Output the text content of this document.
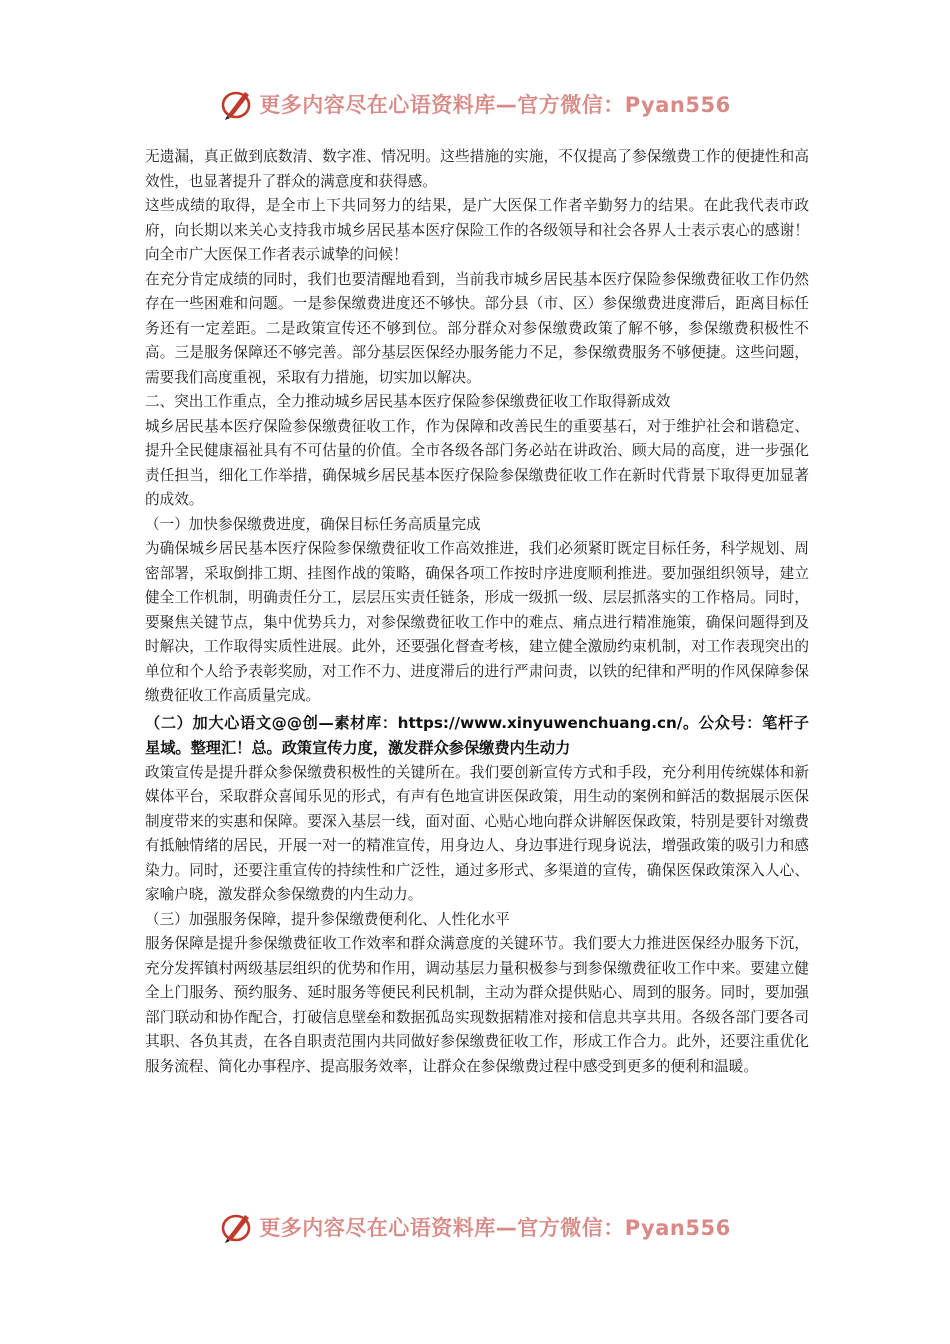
更多内容尽在心语资料库—官方微信：Pyan556

无遗漏，真正做到底数清、数字准、情况明。这些措施的实施，不仅提高了参保缴费工作的便捷性和高效性，也显著提升了群众的满意度和获得感。

这些成绩的取得，是全市上下共同努力的结果，是广大医保工作者辛勤努力的结果。在此我代表市政府，向长期以来关心支持我市城乡居民基本医疗保险工作的各级领导和社会各界人士表示衷心的感谢！向全市广大医保工作者表示诚挚的问候！

在充分肯定成绩的同时，我们也要清醒地看到，当前我市城乡居民基本医疗保险参保缴费征收工作仍然存在一些困难和问题。一是参保缴费进度还不够快。部分县（市、区）参保缴费进度滞后，距离目标任务还有一定差距。二是政策宣传还不够到位。部分群众对参保缴费政策了解不够，参保缴费积极性不高。三是服务保障还不够完善。部分基层医保经办服务能力不足，参保缴费服务不够便捷。这些问题，需要我们高度重视，采取有力措施，切实加以解决。

二、突出工作重点，全力推动城乡居民基本医疗保险参保缴费征收工作取得新成效

城乡居民基本医疗保险参保缴费征收工作，作为保障和改善民生的重要基石，对于维护社会和谐稳定、提升全民健康福祉具有不可估量的价值。全市各级各部门务必站在讲政治、顾大局的高度，进一步强化责任担当，细化工作举措，确保城乡居民基本医疗保险参保缴费征收工作在新时代背景下取得更加显著的成效。

（一）加快参保缴费进度，确保目标任务高质量完成

为确保城乡居民基本医疗保险参保缴费征收工作高效推进，我们必须紧盯既定目标任务，科学规划、周密部署，采取倒排工期、挂图作战的策略，确保各项工作按时序进度顺利推进。要加强组织领导，建立健全工作机制，明确责任分工，层层压实责任链条，形成一级抓一级、层层抓落实的工作格局。同时，要聚焦关键节点，集中优势兵力，对参保缴费征收工作中的难点、痛点进行精准施策，确保问题得到及时解决，工作取得实质性进展。此外，还要强化督查考核，建立健全激励约束机制，对工作表现突出的单位和个人给予表彰奖励，对工作不力、进度滞后的进行严肃问责，以铁的纪律和严明的作风保障参保缴费征收工作高质量完成。

（二）加大心语文@@创—素材库：https://www.xinyuwenchuang.cn/。公众号：笔杆子星域。整理汇！总。政策宣传力度，激发群众参保缴费内生动力

政策宣传是提升群众参保缴费积极性的关键所在。我们要创新宣传方式和手段，充分利用传统媒体和新媒体平台，采取群众喜闻乐见的形式，有声有色地宣讲医保政策，用生动的案例和鲜活的数据展示医保制度带来的实惠和保障。要深入基层一线，面对面、心贴心地向群众讲解医保政策，特别是要针对缴费有抵触情绪的居民，开展一对一的精准宣传，用身边人、身边事进行现身说法，增强政策的吸引力和感染力。同时，还要注重宣传的持续性和广泛性，通过多形式、多渠道的宣传，确保医保政策深入人心、家喻户晓，激发群众参保缴费的内生动力。

（三）加强服务保障，提升参保缴费便利化、人性化水平

服务保障是提升参保缴费征收工作效率和群众满意度的关键环节。我们要大力推进医保经办服务下沉，充分发挥镇村两级基层组织的优势和作用，调动基层力量积极参与到参保缴费征收工作中来。要建立健全上门服务、预约服务、延时服务等便民利民机制，主动为群众提供贴心、周到的服务。同时，要加强部门联动和协作配合，打破信息壁垒和数据孤岛实现数据精准对接和信息共享共用。各级各部门要各司其职、各负其责，在各自职责范围内共同做好参保缴费征收工作，形成工作合力。此外，还要注重优化服务流程、简化办事程序、提高服务效率，让群众在参保缴费过程中感受到更多的便利和温暖。

更多内容尽在心语资料库—官方微信：Pyan556
